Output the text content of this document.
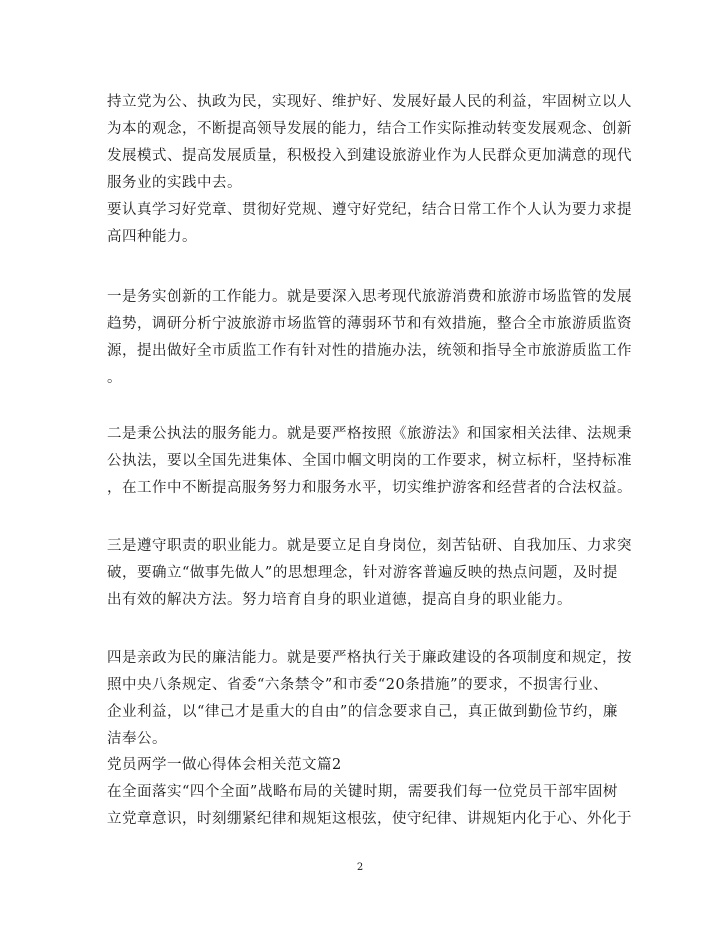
持立党为公、执政为民，实现好、维护好、发展好最人民的利益，牢固树立以人
为本的观念，不断提高领导发展的能力，结合工作实际推动转变发展观念、创新
发展模式、提高发展质量，积极投入到建设旅游业作为人民群众更加满意的现代
服务业的实践中去。
要认真学习好党章、贯彻好党规、遵守好党纪，结合日常工作个人认为要力求提
高四种能力。
一是务实创新的工作能力。就是要深入思考现代旅游消费和旅游市场监管的发展
趋势，调研分析宁波旅游市场监管的薄弱环节和有效措施，整合全市旅游质监资
源，提出做好全市质监工作有针对性的措施办法，统领和指导全市旅游质监工作
。
二是秉公执法的服务能力。就是要严格按照《旅游法》和国家相关法律、法规秉
公执法，要以全国先进集体、全国巾帼文明岗的工作要求，树立标杆，坚持标准
，在工作中不断提高服务努力和服务水平，切实维护游客和经营者的合法权益。
三是遵守职责的职业能力。就是要立足自身岗位，刻苦钻研、自我加压、力求突
破，要确立“做事先做人”的思想理念，针对游客普遍反映的热点问题，及时提
出有效的解决方法。努力培育自身的职业道德，提高自身的职业能力。
四是亲政为民的廉洁能力。就是要严格执行关于廉政建设的各项制度和规定，按
照中央八条规定、省委“六条禁令”和市委“20条措施”的要求，不损害行业、
企业利益，以“律己才是重大的自由”的信念要求自己，真正做到勤俭节约，廉
洁奉公。
党员两学一做心得体会相关范文篇2
在全面落实“四个全面”战略布局的关键时期，需要我们每一位党员干部牢固树
立党章意识，时刻绷紧纪律和规矩这根弦，使守纪律、讲规矩内化于心、外化于
2
